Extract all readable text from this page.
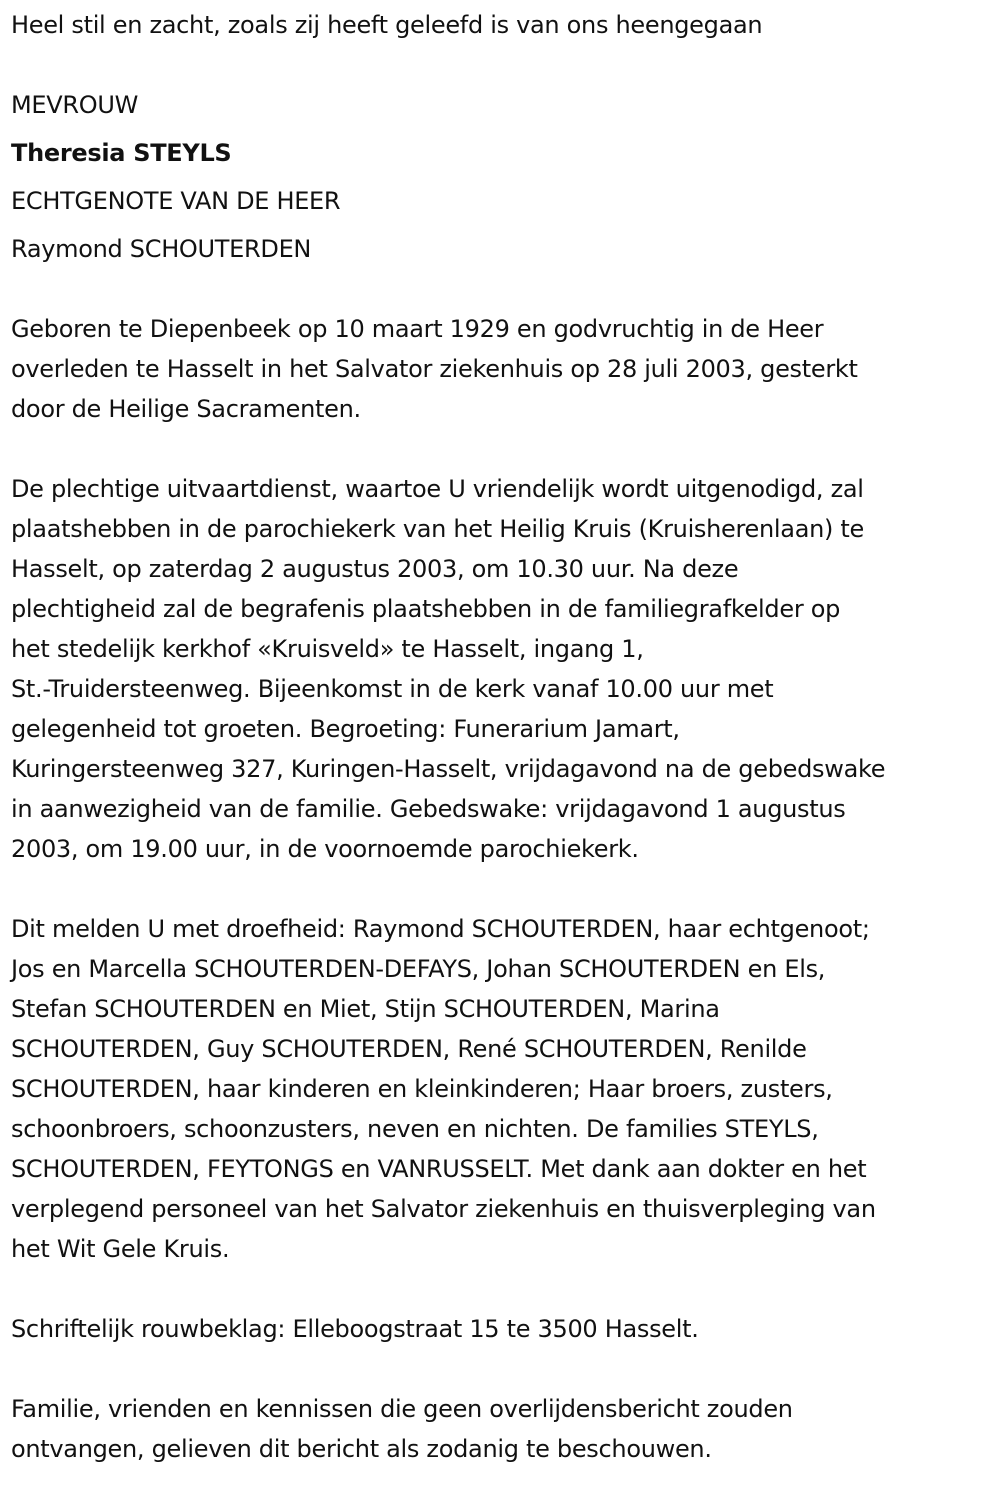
Heel stil en zacht, zoals zij heeft geleefd is van ons heengegaan
MEVROUW
Theresia STEYLS
ECHTGENOTE VAN DE HEER
Raymond SCHOUTERDEN
Geboren te Diepenbeek op 10 maart 1929 en godvruchtig in de Heer
overleden te Hasselt in het Salvator ziekenhuis op 28 juli 2003, gesterkt
door de Heilige Sacramenten.
De plechtige uitvaartdienst, waartoe U vriendelijk wordt uitgenodigd, zal
plaatshebben in de parochiekerk van het Heilig Kruis (Kruisherenlaan) te
Hasselt, op zaterdag 2 augustus 2003, om 10.30 uur. Na deze
plechtigheid zal de begrafenis plaatshebben in de familiegrafkelder op
het stedelijk kerkhof «Kruisveld» te Hasselt, ingang 1,
St.-Truidersteenweg. Bijeenkomst in de kerk vanaf 10.00 uur met
gelegenheid tot groeten. Begroeting: Funerarium Jamart,
Kuringersteenweg 327, Kuringen-Hasselt, vrijdagavond na de gebedswake
in aanwezigheid van de familie. Gebedswake: vrijdagavond 1 augustus
2003, om 19.00 uur, in de voornoemde parochiekerk.
Dit melden U met droefheid: Raymond SCHOUTERDEN, haar echtgenoot;
Jos en Marcella SCHOUTERDEN-DEFAYS, Johan SCHOUTERDEN en Els,
Stefan SCHOUTERDEN en Miet, Stijn SCHOUTERDEN, Marina
SCHOUTERDEN, Guy SCHOUTERDEN, René SCHOUTERDEN, Renilde
SCHOUTERDEN, haar kinderen en kleinkinderen; Haar broers, zusters,
schoonbroers, schoonzusters, neven en nichten. De families STEYLS,
SCHOUTERDEN, FEYTONGS en VANRUSSELT. Met dank aan dokter en het
verplegend personeel van het Salvator ziekenhuis en thuisverpleging van
het Wit Gele Kruis.
Schriftelijk rouwbeklag: Elleboogstraat 15 te 3500 Hasselt.
Familie, vrienden en kennissen die geen overlijdensbericht zouden
ontvangen, gelieven dit bericht als zodanig te beschouwen.
